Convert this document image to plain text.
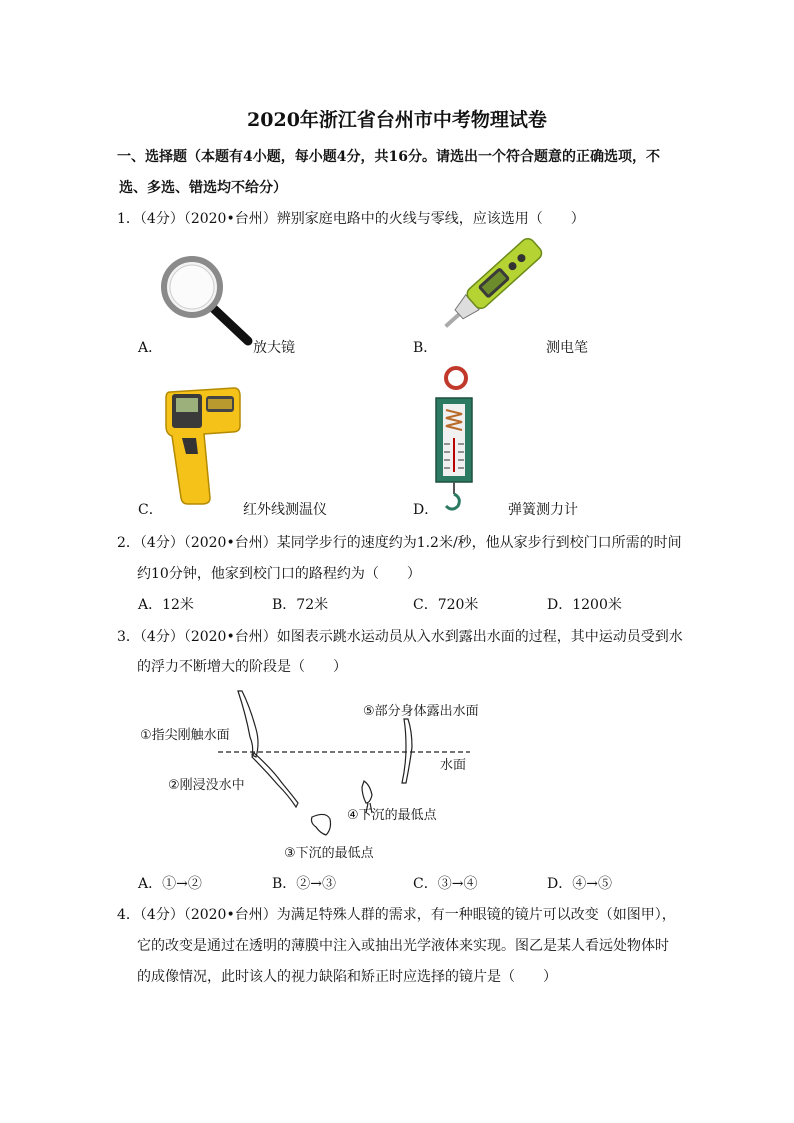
2020年浙江省台州市中考物理试卷
一、选择题（本题有4小题，每小题4分，共16分。请选出一个符合题意的正确选项，不
选、多选、错选均不给分）
1．（4分）（2020•台州）辨别家庭电路中的火线与零线，应该选用（　　）
A．	放大镜	B．	测电笔
C．	红外线测温仪	D．	弹簧测力计
2．（4分）（2020•台州）某同学步行的速度约为1.2米/秒，他从家步行到校门口所需的时间
约10分钟，他家到校门口的路程约为（　　）
A．12米	B．72米	C．720米	D．1200米
3．（4分）（2020•台州）如图表示跳水运动员从入水到露出水面的过程，其中运动员受到水
的浮力不断增大的阶段是（　　）
①指尖刚触水面
②刚浸没水中
③下沉的最低点
④下沉的最低点
⑤部分身体露出水面
水面
A．①→②	B．②→③	C．③→④	D．④→⑤
4．（4分）（2020•台州）为满足特殊人群的需求，有一种眼镜的镜片可以改变（如图甲），
它的改变是通过在透明的薄膜中注入或抽出光学液体来实现。图乙是某人看远处物体时
的成像情况，此时该人的视力缺陷和矫正时应选择的镜片是（　　）
